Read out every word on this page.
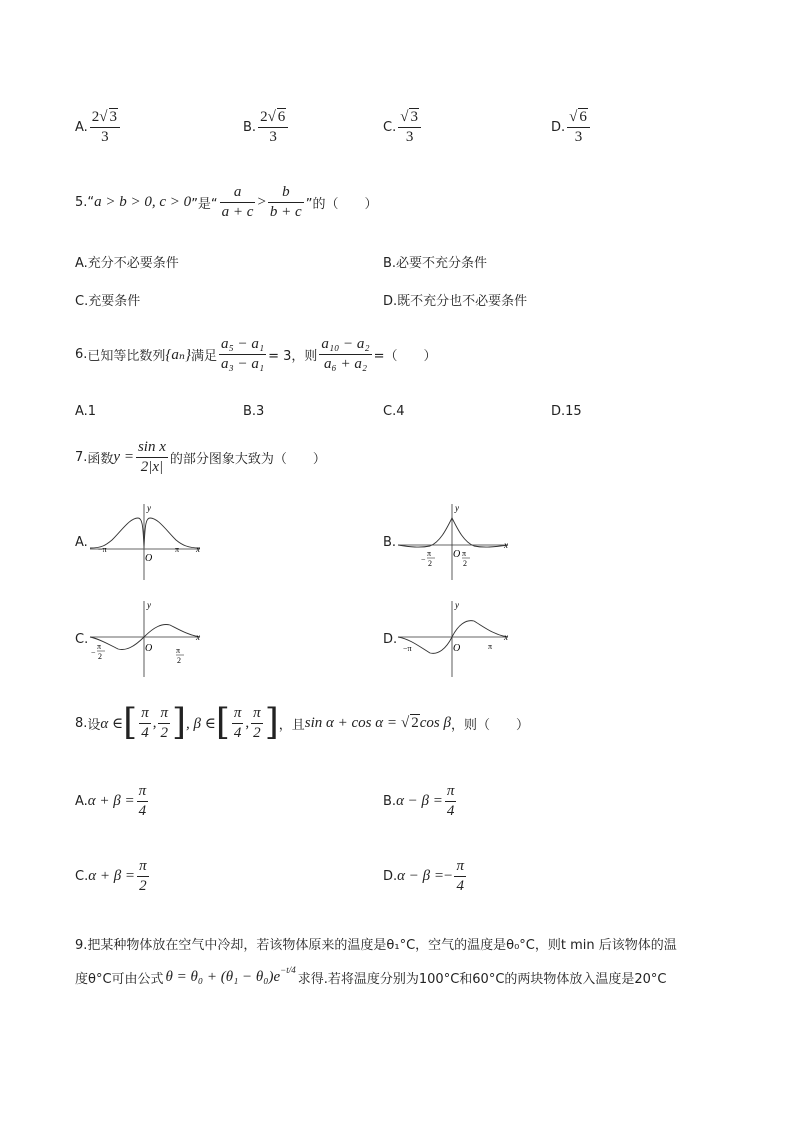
A. $\frac{2√ 3}{3}$	B. $\frac{2√ 6}{3}$	C. $\frac{√ 3}{3}$	D. $\frac{√ 6}{3}$
5. “ a > b > 0, c > 0 ”是“ $\frac{a}{a + c} > \frac{b}{b + c}$ ”的（　　）
A.充分不必要条件	B.必要不充分条件
C.充要条件	D.既不充分也不必要条件
6. 已知等比数列 {aₙ} 满足 $\frac{\text{a₅ − a₁}}{\text{a₃ − a₁}} = 3$，则 $\frac{\text{a₁₀ − a₂}}{\text{a₆ + a₂}}$ =（　　）
A.1	B.3	C.4	D.15
7. 函数 $y = \frac{\text{sin x}}{2|x|}$ 的部分图象大致为（　　）
A.
y
x
O
−π	π	B.
y
x
O
−
π
2
π
2
C.
y
x
O
−
π
2
π
2
D.
y
x
O
−π	π
8. 设 α ∈ [ $\frac{\pi}{4}$ , $\frac{\pi}{2}$ ] , β ∈ [ $\frac{\pi}{4}$ , $\frac{\pi}{2}$ ] ，且 sin α + cos α = √ 2 cos β ，则（　　）
A. $\alpha + \beta = \frac{\pi}{4}$	B. $\alpha - \beta = \frac{\pi}{4}$
C. $\alpha + \beta = \frac{\pi}{2}$	D. α − β = − $\frac{\pi}{4}$
9.把某种物体放在空气中冷却，若该物体原来的温度是θ₁°C，空气的温度是θ₀°C，则t min 后该物体的温
度θ°C可由公式 $\theta = \theta_0 + (\theta_1 - \theta_0)e^{-t/4}$
求得.若将温度分别为100°C和60°C的两块物体放入温度是20°C
